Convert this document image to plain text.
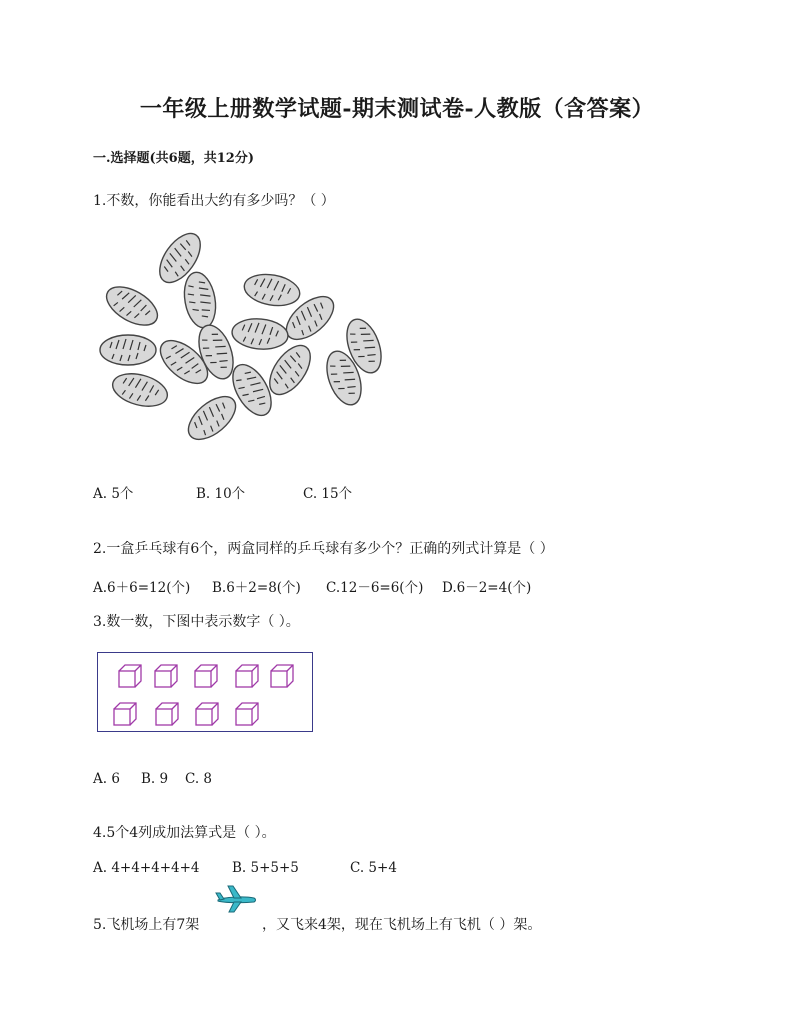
一年级上册数学试题-期末测试卷-人教版（含答案）
一.选择题(共6题，共12分)
1.不数，你能看出大约有多少吗？（ ）
A. 5个	B. 10个	C. 15个
2.一盒乒乓球有6个，两盒同样的乒乓球有多少个？正确的列式计算是（ ）
A.6＋6=12(个) B.6＋2=8(个) C.12－6=6(个) D.6－2=4(个)
3.数一数，下图中表示数字（ ）。
A. 6 B. 9 C. 8
4.5个4列成加法算式是（ ）。
A. 4+4+4+4+4 B. 5+5+5	C. 5+4
5.飞机场上有7架	，又飞来4架，现在飞机场上有飞机（ ）架。
